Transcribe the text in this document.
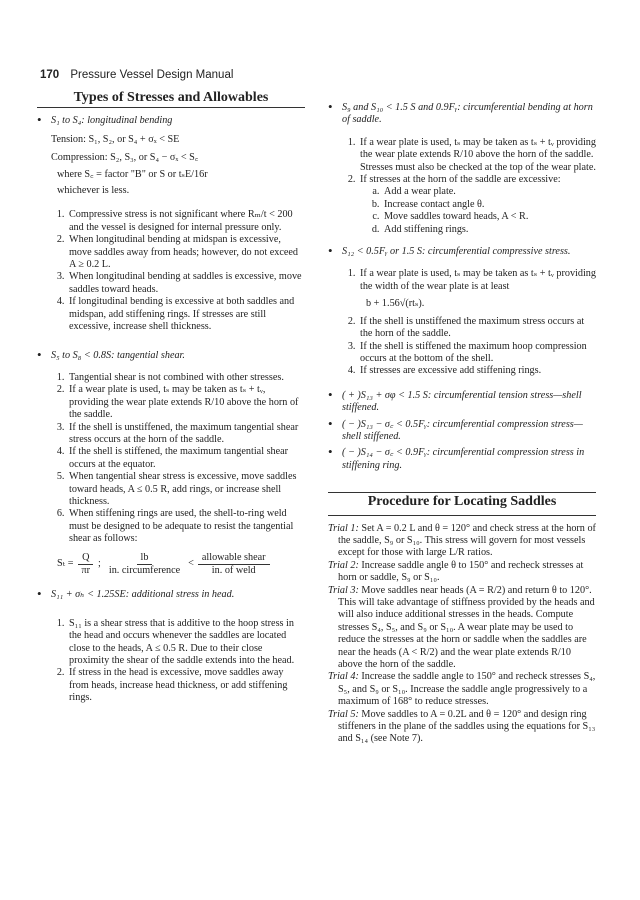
170 Pressure Vessel Design Manual
Types of Stresses and Allowables

• S₁ to S₄: longitudinal bending

Tension: S₁, S₂, or S₄ + σₓ < SE

Compression: S₂, S₃, or S₄ − σₓ < S꜀

where S꜀ = factor "B" or S or tₛE/16r

whichever is less.

1. Compressive stress is not significant where Rₘ/t < 200 and the vessel is designed for internal pressure only.
2. When longitudinal bending at midspan is excessive, move saddles away from heads; however, do not exceed A ≥ 0.2 L.
3. When longitudinal bending at saddles is excessive, move saddles toward heads.
4. If longitudinal bending is excessive at both saddles and midspan, add stiffening rings. If stresses are still excessive, increase shell thickness.

• S₅ to S₈ < 0.8S: tangential shear.

1. Tangential shear is not combined with other stresses.
2. If a wear plate is used, tₛ may be taken as tₛ + tᵥ, providing the wear plate extends R/10 above the horn of the saddle.
3. If the shell is unstiffened, the maximum tangential shear stress occurs at the horn of the saddle.
4. If the shell is stiffened, the maximum tangential shear occurs at the equator.
5. When tangential shear stress is excessive, move saddles toward heads, A ≤ 0.5 R, add rings, or increase shell thickness.
6. When stiffening rings are used, the shell-to-ring weld must be designed to be adequate to resist the tangential shear as follows:
$S_t = \frac{Q}{\pi r}$ ; $\frac{lb}{\text{in. circumference}} < \frac{\text{allowable shear}}{\text{in. of weld}}$

• S₁₁ + σₕ < 1.25SE: additional stress in head.

1. S₁₁ is a shear stress that is additive to the hoop stress in the head and occurs whenever the saddles are located close to the heads, A ≤ 0.5 R. Due to their close proximity the shear of the saddle extends into the head.
2. If stress in the head is excessive, move saddles away from heads, increase head thickness, or add stiffening rings.

• S₉ and S₁₀ < 1.5 S and 0.9Fᵧ: circumferential bending at horn of saddle.

1. If a wear plate is used, tₛ may be taken as tₛ + tᵥ providing the wear plate extends R/10 above the horn of the saddle. Stresses must also be checked at the top of the wear plate.
2. If stresses at the horn of the saddle are excessive:
a. Add a wear plate.
b. Increase contact angle θ.
c. Move saddles toward heads, A < R.
d. Add stiffening rings.

• S₁₂ < 0.5Fᵧ or 1.5 S: circumferential compressive stress.

1. If a wear plate is used, tₛ may be taken as tₛ + tᵥ providing the width of the wear plate is at least
b + 1.56√(rtₛ).
2. If the shell is unstiffened the maximum stress occurs at the horn of the saddle.
3. If the shell is stiffened the maximum hoop compression occurs at the bottom of the shell.
4. If stresses are excessive add stiffening rings.

• ( + )S₁₃ + σφ < 1.5 S: circumferential tension stress—shell stiffened.

• ( − )S₁₃ − σ꜀ < 0.5Fᵧ: circumferential compression stress—shell stiffened.

• ( − )S₁₄ − σ꜀ < 0.9Fᵧ: circumferential compression stress in stiffening ring.

Procedure for Locating Saddles

Trial 1: Set A = 0.2 L and θ = 120° and check stress at the horn of the saddle, S₉ or S₁₀. This stress will govern for most vessels except for those with large L/R ratios.

Trial 2: Increase saddle angle θ to 150° and recheck stresses at horn or saddle, S₉ or S₁₀.

Trial 3: Move saddles near heads (A = R/2) and return θ to 120°. This will take advantage of stiffness provided by the heads and will also induce additional stresses in the heads. Compute stresses S₄, S₅, and S₉ or S₁₀. A wear plate may be used to reduce the stresses at the horn or saddle when the saddles are near the heads (A < R/2) and the wear plate extends R/10 above the horn of the saddle.

Trial 4: Increase the saddle angle to 150° and recheck stresses S₄, S₅, and S₉ or S₁₀. Increase the saddle angle progressively to a maximum of 168° to reduce stresses.

Trial 5: Move saddles to A = 0.2L and θ = 120° and design ring stiffeners in the plane of the saddles using the equations for S₁₃ and S₁₄ (see Note 7).
